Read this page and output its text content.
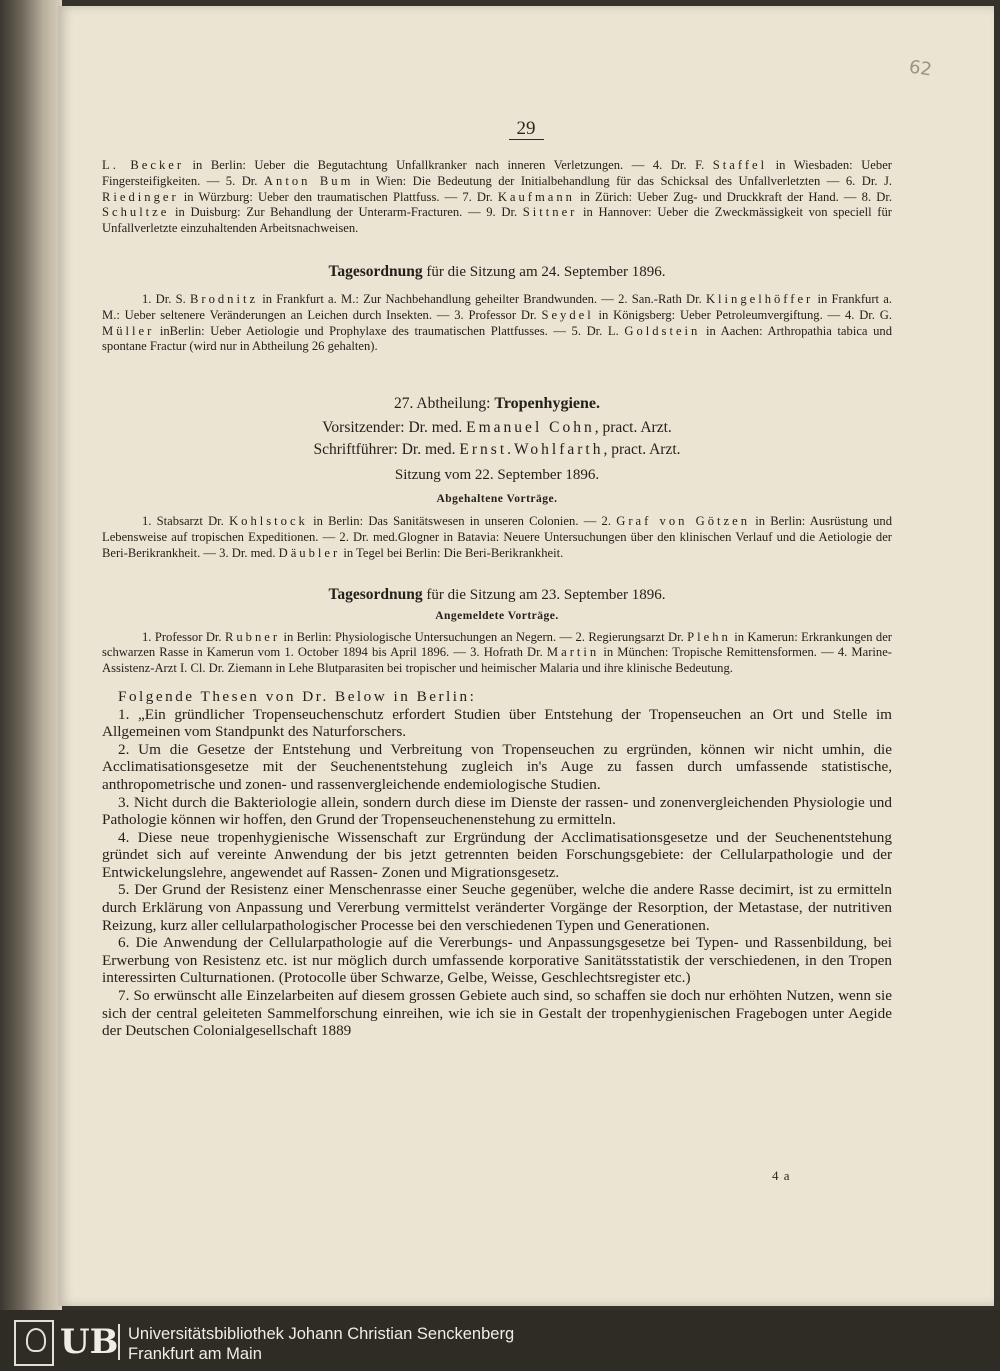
62
29

L. Becker in Berlin: Ueber die Begutachtung Unfallkranker nach inneren Verletzungen. — 4. Dr. F. Staffel in Wiesbaden: Ueber Fingersteifigkeiten. — 5. Dr. Anton Bum in Wien: Die Bedeutung der Initialbehandlung für das Schicksal des Unfallverletzten — 6. Dr. J. Riedinger in Würzburg: Ueber den traumatischen Plattfuss. — 7. Dr. Kaufmann in Zürich: Ueber Zug- und Druckkraft der Hand. — 8. Dr. Schultze in Duisburg: Zur Behandlung der Unterarm-Fracturen. — 9. Dr. Sittner in Hannover: Ueber die Zweckmässigkeit von speciell für Unfallverletzte einzuhaltenden Arbeitsnachweisen.

Tagesordnung für die Sitzung am 24. September 1896.

1. Dr. S. Brodnitz in Frankfurt a. M.: Zur Nachbehandlung geheilter Brandwunden. — 2. San.-Rath Dr. Klingelhöffer in Frankfurt a. M.: Ueber seltenere Veränderungen an Leichen durch Insekten. — 3. Professor Dr. Seydel in Königsberg: Ueber Petroleumvergiftung. — 4. Dr. G. Müller inBerlin: Ueber Aetiologie und Prophylaxe des traumatischen Plattfusses. — 5. Dr. L. Goldstein in Aachen: Arthropathia tabica und spontane Fractur (wird nur in Abtheilung 26 gehalten).

27. Abtheilung: Tropenhygiene.

Vorsitzender: Dr. med. Emanuel Cohn, pract. Arzt.

Schriftführer: Dr. med. Ernst.Wohlfarth, pract. Arzt.

Sitzung vom 22. September 1896.

Abgehaltene Vorträge.

1. Stabsarzt Dr. Kohlstock in Berlin: Das Sanitätswesen in unseren Colonien. — 2. Graf von Götzen in Berlin: Ausrüstung und Lebensweise auf tropischen Expeditionen. — 2. Dr. med.Glogner in Batavia: Neuere Untersuchungen über den klinischen Verlauf und die Aetiologie der Beri-Berikrankheit. — 3. Dr. med. Däubler in Tegel bei Berlin: Die Beri-Berikrankheit.

Tagesordnung für die Sitzung am 23. September 1896.

Angemeldete Vorträge.

1. Professor Dr. Rubner in Berlin: Physiologische Untersuchungen an Negern. — 2. Regierungsarzt Dr. Plehn in Kamerun: Erkrankungen der schwarzen Rasse in Kamerun vom 1. October 1894 bis April 1896. — 3. Hofrath Dr. Martin in München: Tropische Remittensformen. — 4. Marine-Assistenz-Arzt I. Cl. Dr. Ziemann in Lehe Blutparasiten bei tropischer und heimischer Malaria und ihre klinische Bedeutung.

Folgende Thesen von Dr. Below in Berlin:

1. „Ein gründlicher Tropenseuchenschutz erfordert Studien über Entstehung der Tropenseuchen an Ort und Stelle im Allgemeinen vom Standpunkt des Naturforschers.

2. Um die Gesetze der Entstehung und Verbreitung von Tropenseuchen zu ergründen, können wir nicht umhin, die Acclimatisationsgesetze mit der Seuchenentstehung zugleich in's Auge zu fassen durch umfassende statistische, anthropometrische und zonen- und rassenvergleichende endemiologische Studien.

3. Nicht durch die Bakteriologie allein, sondern durch diese im Dienste der rassen- und zonenvergleichenden Physiologie und Pathologie können wir hoffen, den Grund der Tropenseuchenenstehung zu ermitteln.

4. Diese neue tropenhygienische Wissenschaft zur Ergründung der Acclimatisationsgesetze und der Seuchenentstehung gründet sich auf vereinte Anwendung der bis jetzt getrennten beiden Forschungsgebiete: der Cellularpathologie und der Entwickelungslehre, angewendet auf Rassen- Zonen und Migrationsgesetz.

5. Der Grund der Resistenz einer Menschenrasse einer Seuche gegenüber, welche die andere Rasse decimirt, ist zu ermitteln durch Erklärung von Anpassung und Vererbung vermittelst veränderter Vorgänge der Resorption, der Metastase, der nutritiven Reizung, kurz aller cellularpathologischer Processe bei den verschiedenen Typen und Generationen.

6. Die Anwendung der Cellularpathologie auf die Vererbungs- und Anpassungsgesetze bei Typen- und Rassenbildung, bei Erwerbung von Resistenz etc. ist nur möglich durch umfassende korporative Sanitätsstatistik der verschiedenen, in den Tropen interessirten Culturnationen. (Protocolle über Schwarze, Gelbe, Weisse, Geschlechtsregister etc.)

7. So erwünscht alle Einzelarbeiten auf diesem grossen Gebiete auch sind, so schaffen sie doch nur erhöhten Nutzen, wenn sie sich der central geleiteten Sammelforschung einreihen, wie ich sie in Gestalt der tropenhygienischen Fragebogen unter Aegide der Deutschen Colonialgesellschaft 1889

4 a
UB Universitätsbibliothek Johann Christian Senckenberg
Frankfurt am Main
